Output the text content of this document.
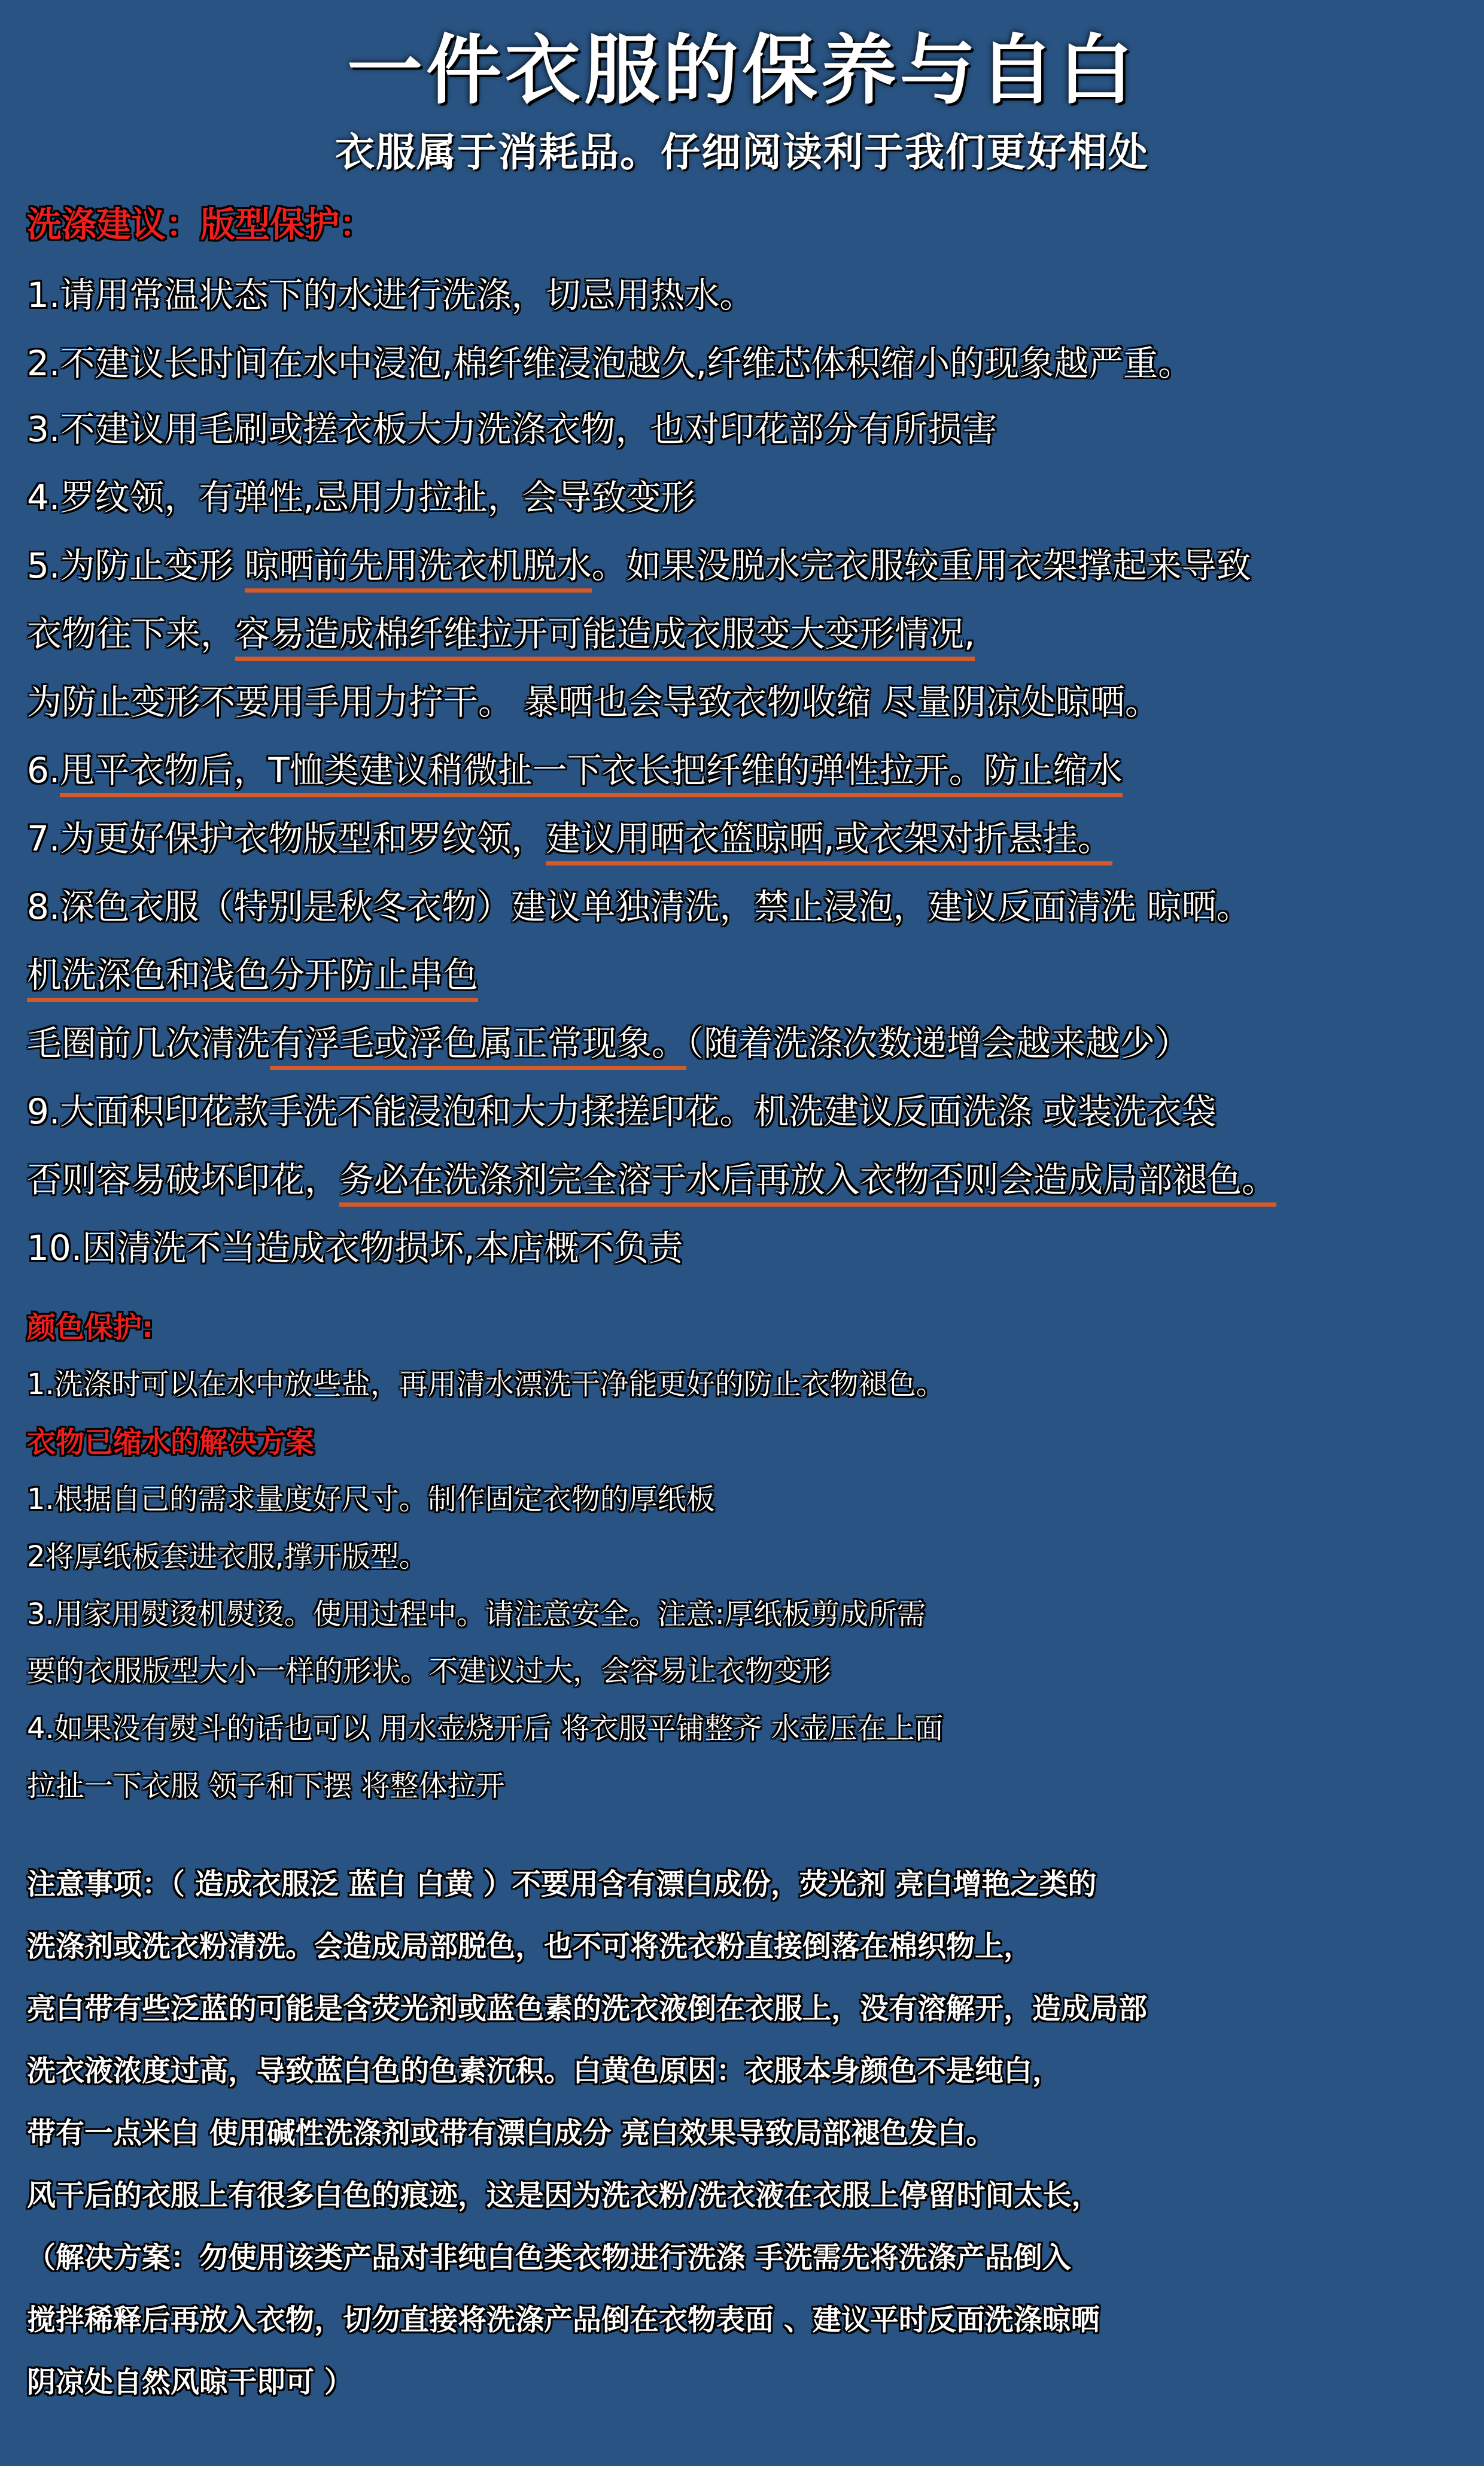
一件衣服的保养与自白
衣服属于消耗品。仔细阅读利于我们更好相处
洗涤建议：版型保护：
1.请用常温状态下的水进行洗涤，切忌用热水。
2.不建议长时间在水中浸泡,棉纤维浸泡越久,纤维芯体积缩小的现象越严重。
3.不建议用毛刷或搓衣板大力洗涤衣物，也对印花部分有所损害
4.罗纹领，有弹性,忌用力拉扯，会导致变形
5.为防止变形 晾晒前先用洗衣机脱水。如果没脱水完衣服较重用衣架撑起来导致
衣物往下来，容易造成棉纤维拉开可能造成衣服变大变形情况,
为防止变形不要用手用力拧干。 暴晒也会导致衣物收缩 尽量阴凉处晾晒。
6.甩平衣物后，T恤类建议稍微扯一下衣长把纤维的弹性拉开。防止缩水
7.为更好保护衣物版型和罗纹领，建议用晒衣篮晾晒,或衣架对折悬挂。
8.深色衣服（特别是秋冬衣物）建议单独清洗，禁止浸泡，建议反面清洗 晾晒。
机洗深色和浅色分开防止串色
毛圈前几次清洗有浮毛或浮色属正常现象。（随着洗涤次数递增会越来越少）
9.大面积印花款手洗不能浸泡和大力揉搓印花。机洗建议反面洗涤 或装洗衣袋
否则容易破坏印花，务必在洗涤剂完全溶于水后再放入衣物否则会造成局部褪色。
10.因清洗不当造成衣物损坏,本店概不负责
颜色保护:
1.洗涤时可以在水中放些盐，再用清水漂洗干净能更好的防止衣物褪色。
衣物已缩水的解决方案
1.根据自己的需求量度好尺寸。制作固定衣物的厚纸板
2将厚纸板套进衣服,撑开版型。
3.用家用熨烫机熨烫。使用过程中。请注意安全。注意:厚纸板剪成所需
要的衣服版型大小一样的形状。不建议过大，会容易让衣物变形
4.如果没有熨斗的话也可以 用水壶烧开后 将衣服平铺整齐 水壶压在上面
拉扯一下衣服 领子和下摆 将整体拉开
注意事项：（ 造成衣服泛 蓝白 白黄 ）不要用含有漂白成份，荧光剂 亮白增艳之类的
洗涤剂或洗衣粉清洗。会造成局部脱色，也不可将洗衣粉直接倒落在棉织物上，
亮白带有些泛蓝的可能是含荧光剂或蓝色素的洗衣液倒在衣服上，没有溶解开，造成局部
洗衣液浓度过高，导致蓝白色的色素沉积。白黄色原因：衣服本身颜色不是纯白，
带有一点米白 使用碱性洗涤剂或带有漂白成分 亮白效果导致局部褪色发白。
风干后的衣服上有很多白色的痕迹，这是因为洗衣粉/洗衣液在衣服上停留时间太长，
（解决方案：勿使用该类产品对非纯白色类衣物进行洗涤 手洗需先将洗涤产品倒入
搅拌稀释后再放入衣物，切勿直接将洗涤产品倒在衣物表面 、建议平时反面洗涤晾晒
阴凉处自然风晾干即可 ）
